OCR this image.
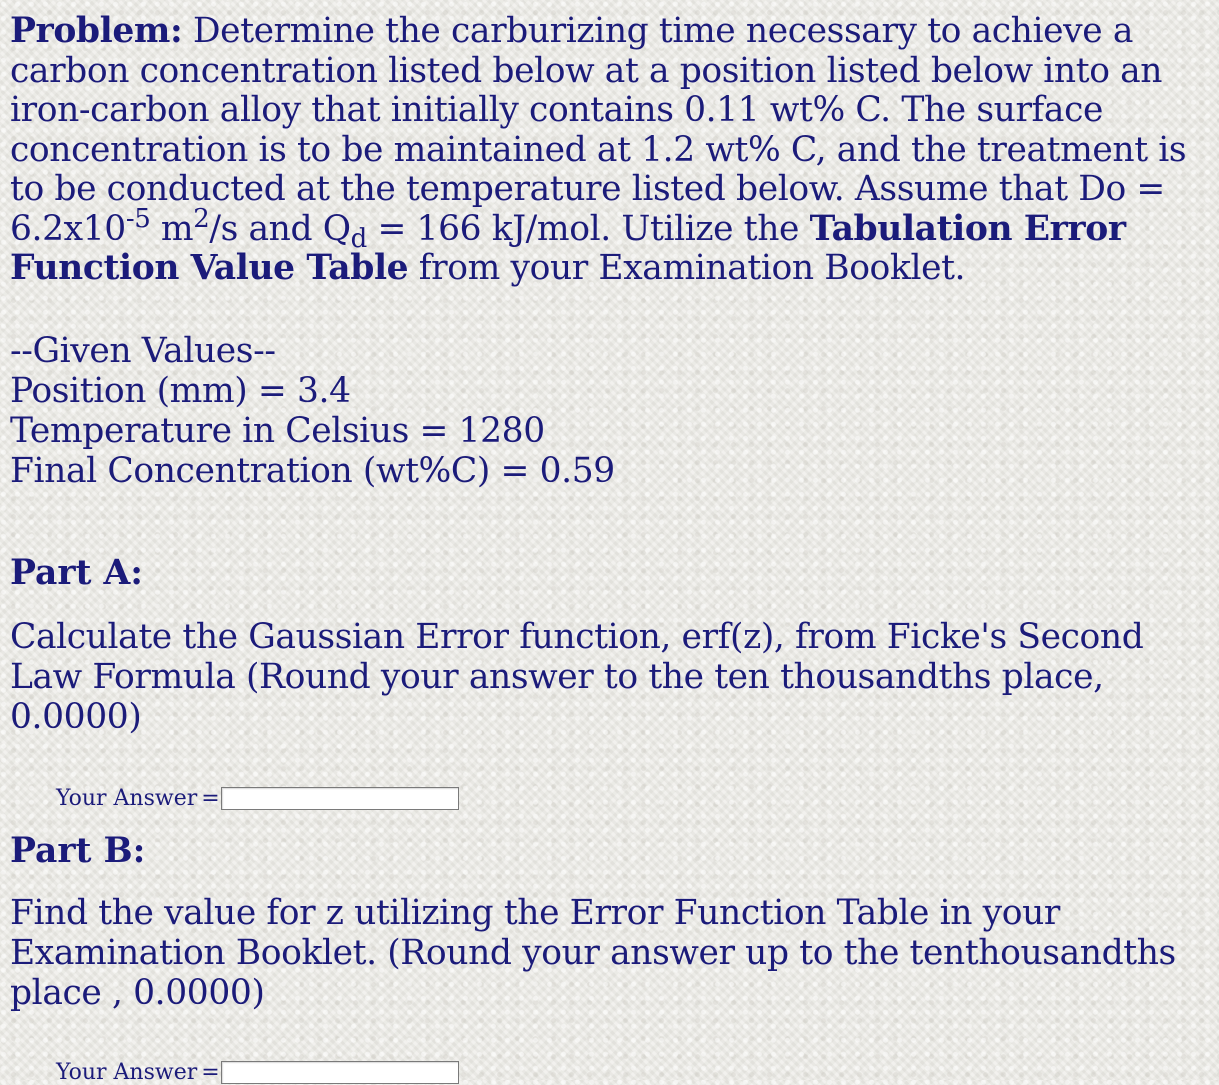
Problem: Determine the carburizing time necessary to achieve a carbon concentration listed below at a position listed below into an iron-carbon alloy that initially contains 0.11 wt% C. The surface concentration is to be maintained at 1.2 wt% C, and the treatment is to be conducted at the temperature listed below. Assume that $Do = 6.2x10^{-5}$ $m^2/s$ and $Q_d = 166$ kJ/mol. Utilize the Tabulation Error Function Value Table from your Examination Booklet.

--Given Values--
Position (mm) = 3.4
Temperature in Celsius = 1280
Final Concentration (wt%C) = 0.59
Part A:

Calculate the Gaussian Error function, erf(z), from Ficke's Second Law Formula (Round your answer to the ten thousandths place, 0.0000)

Your Answer =
Part B:

Find the value for z utilizing the Error Function Table in your Examination Booklet. (Round your answer up to the tenthousandths place , 0.0000)

Your Answer =
